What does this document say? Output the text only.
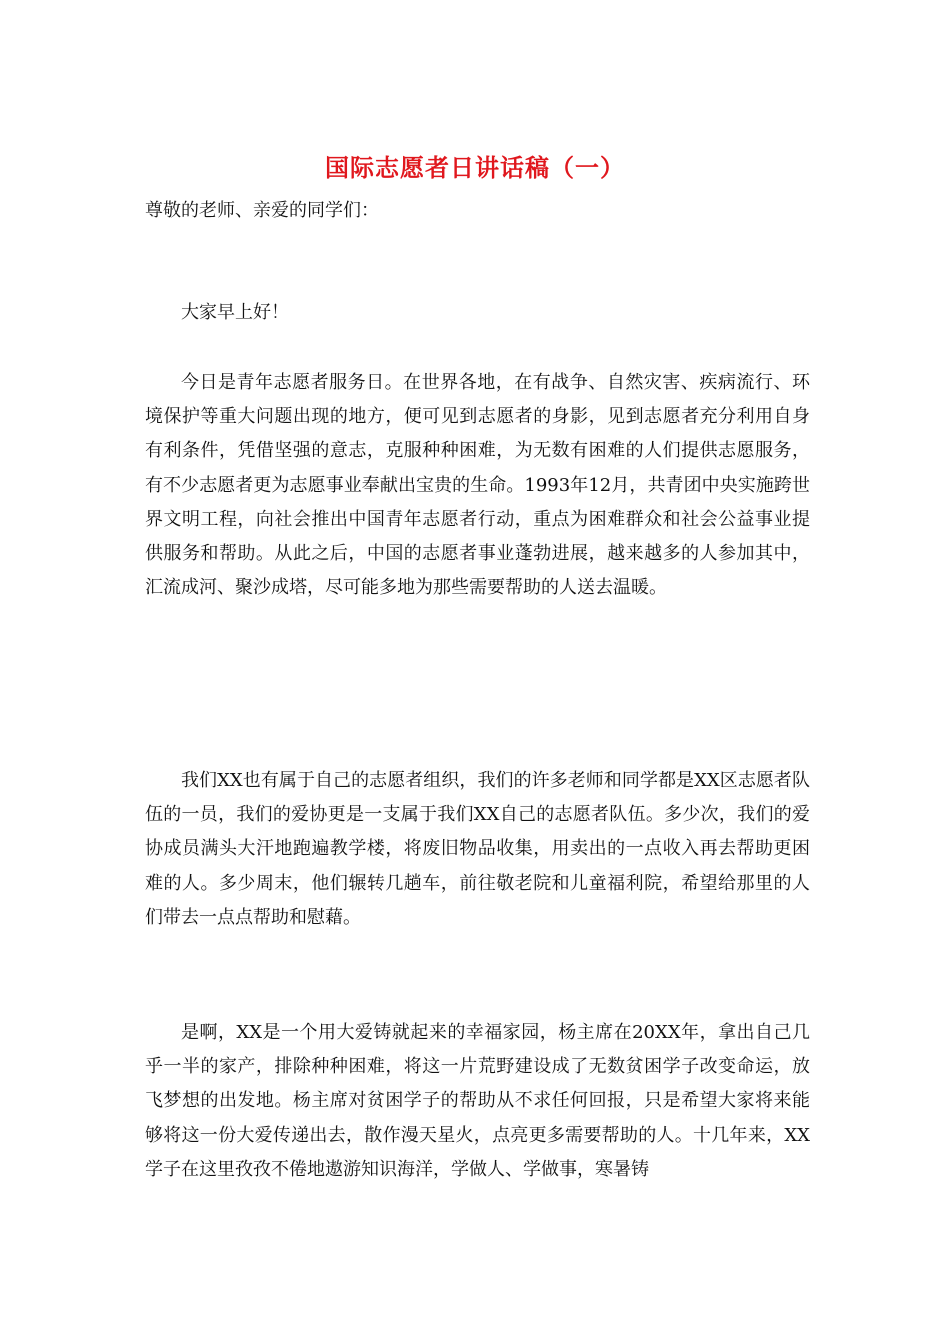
国际志愿者日讲话稿（一）
尊敬的老师、亲爱的同学们：

大家早上好！

今日是青年志愿者服务日。在世界各地，在有战争、自然灾害、疾病流行、环境保护等重大问题出现的地方，便可见到志愿者的身影，见到志愿者充分利用自身有利条件，凭借坚强的意志，克服种种困难，为无数有困难的人们提供志愿服务，有不少志愿者更为志愿事业奉献出宝贵的生命。1993年12月，共青团中央实施跨世界文明工程，向社会推出中国青年志愿者行动，重点为困难群众和社会公益事业提供服务和帮助。从此之后，中国的志愿者事业蓬勃进展，越来越多的人参加其中，汇流成河、聚沙成塔，尽可能多地为那些需要帮助的人送去温暖。

我们XX也有属于自己的志愿者组织，我们的许多老师和同学都是XX区志愿者队伍的一员，我们的爱协更是一支属于我们XX自己的志愿者队伍。多少次，我们的爱协成员满头大汗地跑遍教学楼，将废旧物品收集，用卖出的一点收入再去帮助更困难的人。多少周末，他们辗转几趟车，前往敬老院和儿童福利院，希望给那里的人们带去一点点帮助和慰藉。

是啊，XX是一个用大爱铸就起来的幸福家园，杨主席在20XX年，拿出自己几乎一半的家产，排除种种困难，将这一片荒野建设成了无数贫困学子改变命运，放飞梦想的出发地。杨主席对贫困学子的帮助从不求任何回报，只是希望大家将来能够将这一份大爱传递出去，散作漫天星火，点亮更多需要帮助的人。十几年来，XX学子在这里孜孜不倦地遨游知识海洋，学做人、学做事，寒暑铸
